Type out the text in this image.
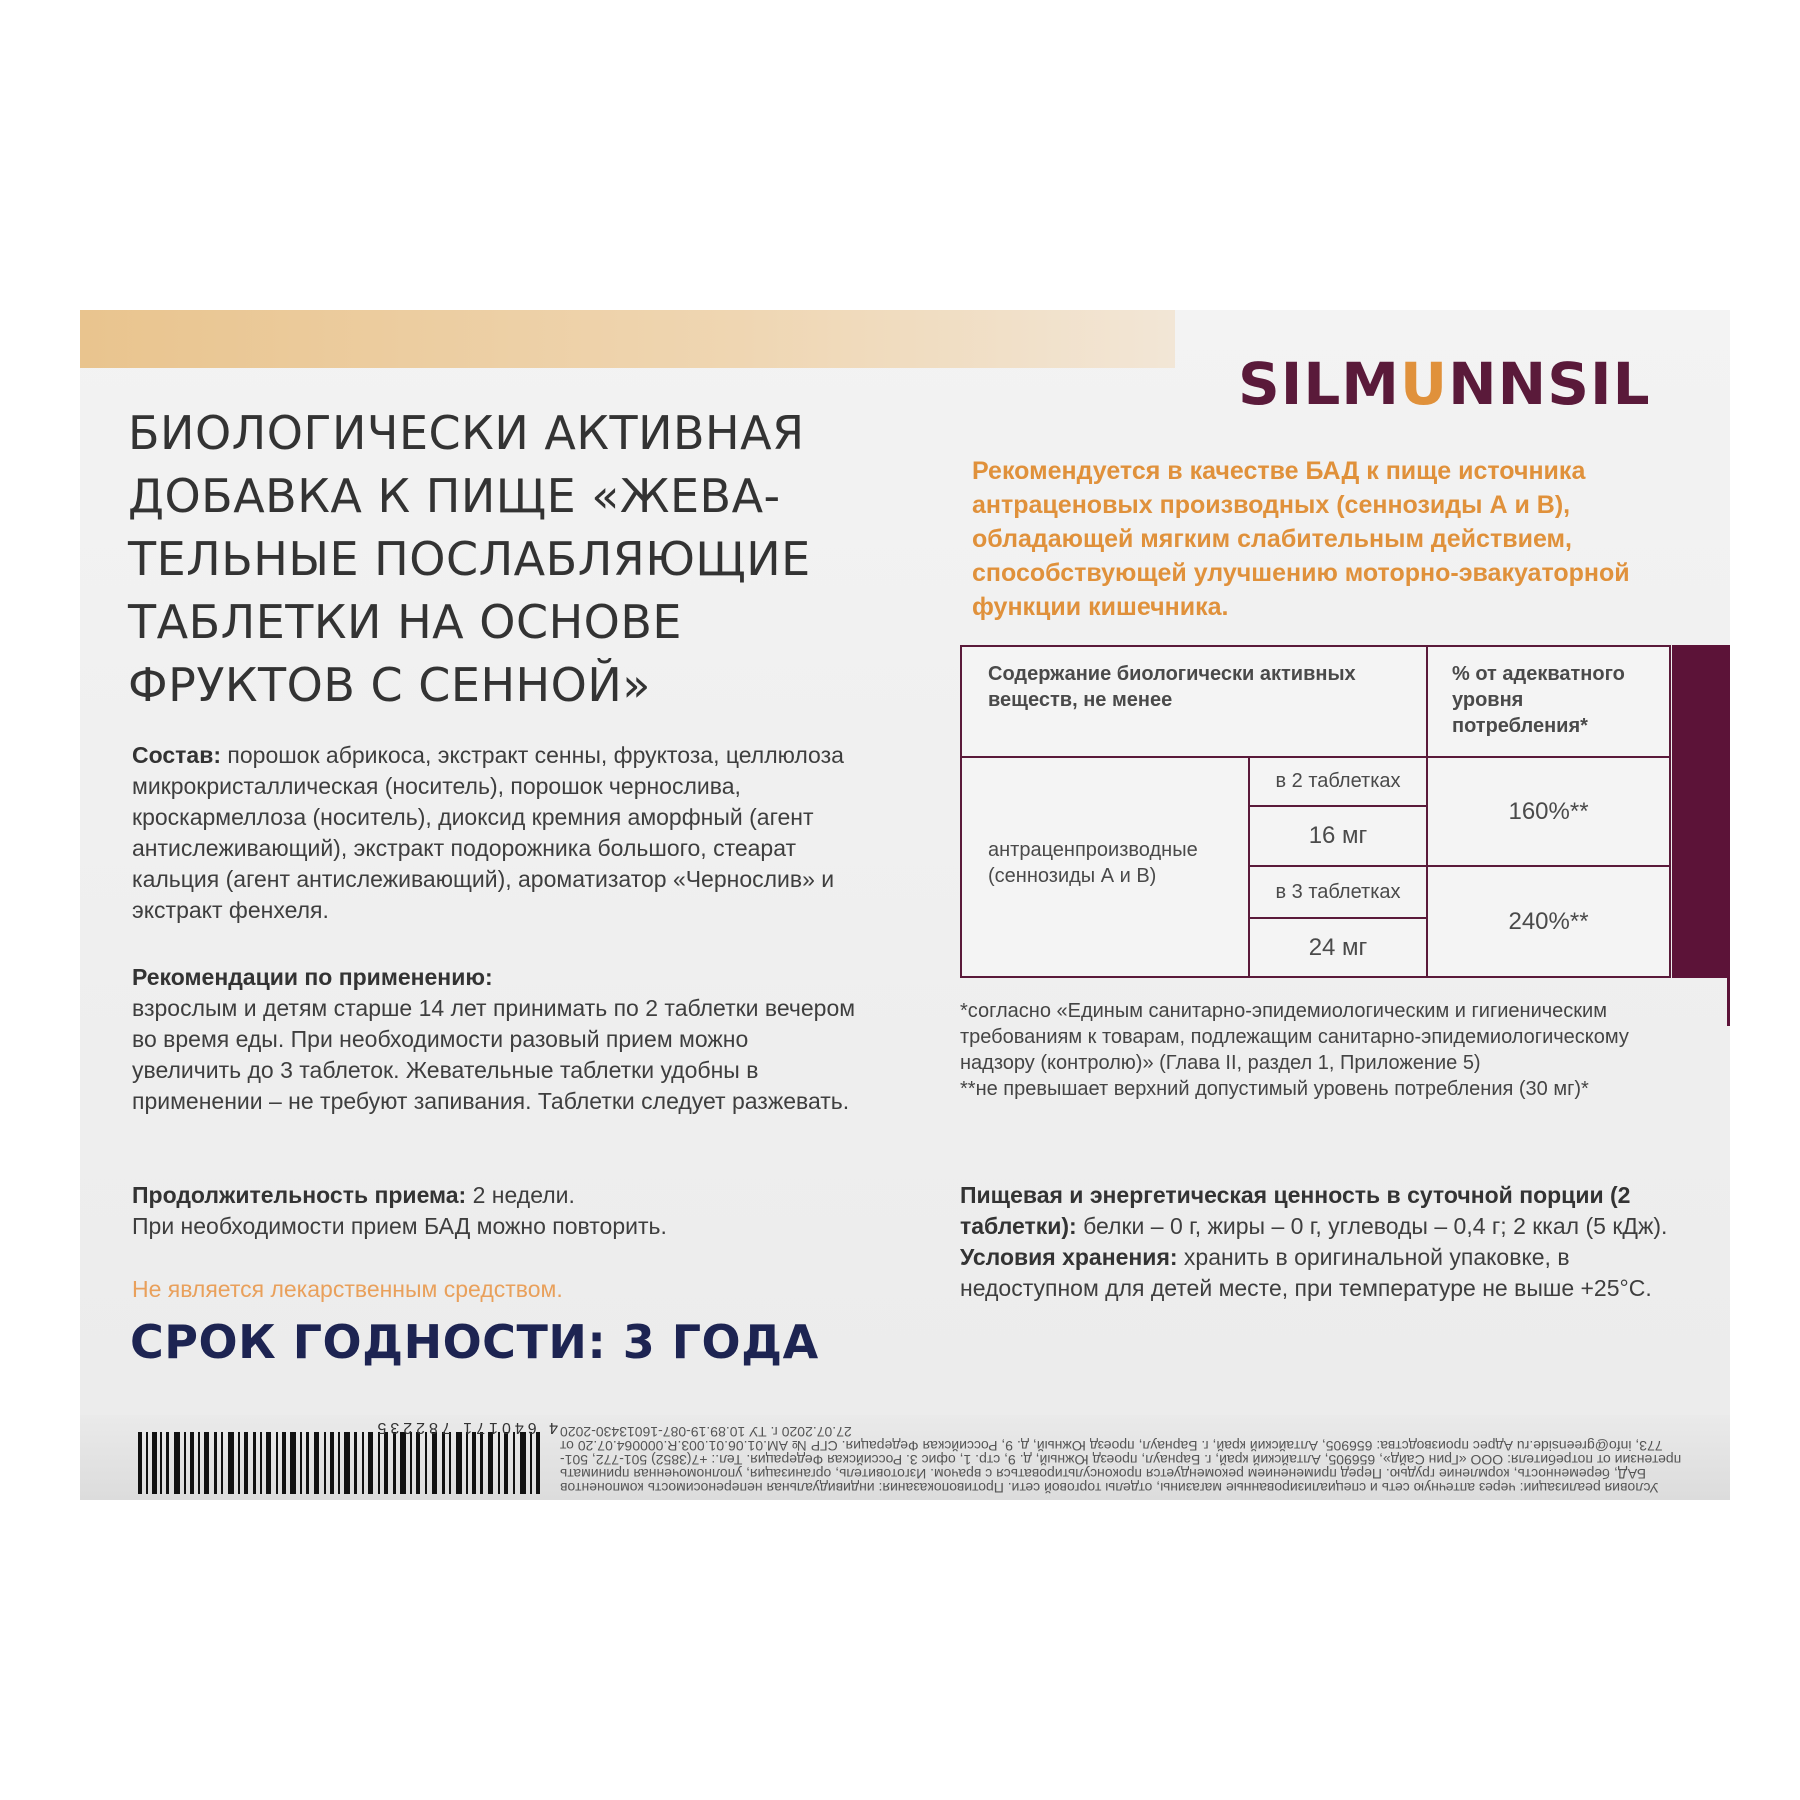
SILMUNNSIL
БИОЛОГИЧЕСКИ АКТИВНАЯ
ДОБАВКА К ПИЩЕ «ЖЕВА-
ТЕЛЬНЫЕ ПОСЛАБЛЯЮЩИЕ
ТАБЛЕТКИ НА ОСНОВЕ
ФРУКТОВ С СЕННОЙ»
Состав: порошок абрикоса, экстракт сенны, фруктоза, целлюлоза микрокристаллическая (носитель), порошок чернослива, кроскармеллоза (носитель), диоксид кремния аморфный (агент антислеживающий), экстракт подорожника большого, стеарат кальция (агент антислеживающий), ароматизатор «Чернослив» и экстракт фенхеля.
Рекомендации по применению:
взрослым и детям старше 14 лет принимать по 2 таблетки вечером во время еды. При необходимости разовый прием можно увеличить до 3 таблеток. Жевательные таблетки удобны в применении – не требуют запивания. Таблетки следует разжевать.
Продолжительность приема: 2 недели.
При необходимости прием БАД можно повторить.
Не является лекарственным средством.
СРОК ГОДНОСТИ: 3 ГОДА
Рекомендуется в качестве БАД к пище источника антраценовых производных (сеннозиды А и В), обладающей мягким слабительным действием, способствующей улучшению моторно-эвакуаторной функции кишечника.
Содержание биологически активных веществ, не менее
% от адекватного уровня потребления*
антраценпроизводные (сеннозиды А и В)
в 2 таблетках
16 мг
160%**
в 3 таблетках
24 мг
240%**
*согласно «Единым санитарно-эпидемиологическим и гигиеническим требованиям к товарам, подлежащим санитарно-эпидемиологическому надзору (контролю)» (Глава II, раздел 1, Приложение 5)
**не превышает верхний допустимый уровень потребления (30 мг)*
Пищевая и энергетическая ценность в суточной порции (2 таблетки): белки – 0 г, жиры – 0 г, углеводы – 0,4 г; 2 ккал (5 кДж).
Условия хранения: хранить в оригинальной упаковке, в недоступном для детей месте, при температуре не выше +25°С.
4 640171 782235
Условия реализации: через аптечную сеть и специализированные магазины, отделы торговой сети. Противопоказания: индивидуальная непереносимость компонентов БАД, беременность, кормление грудью. Перед применением рекомендуется проконсультироваться с врачом. Изготовитель, организация, уполномоченная принимать претензии от потребителя: ООО «Грин Сайд», 656905, Алтайский край, г. Барнаул, проезд Южный, д. 9, стр. 1, офис 3. Российская Федерация. Тел.: +7(3852) 501-772, 501-773, info@greenside.ru Адрес производства: 656905, Алтайский край, г. Барнаул, проезд Южный, д. 9, Российская Федерация. СГР № AM.01.06.01.003.R.000064.07.20 от 27.07.2020 г. ТУ 10.89.19-087-16013430-2020
